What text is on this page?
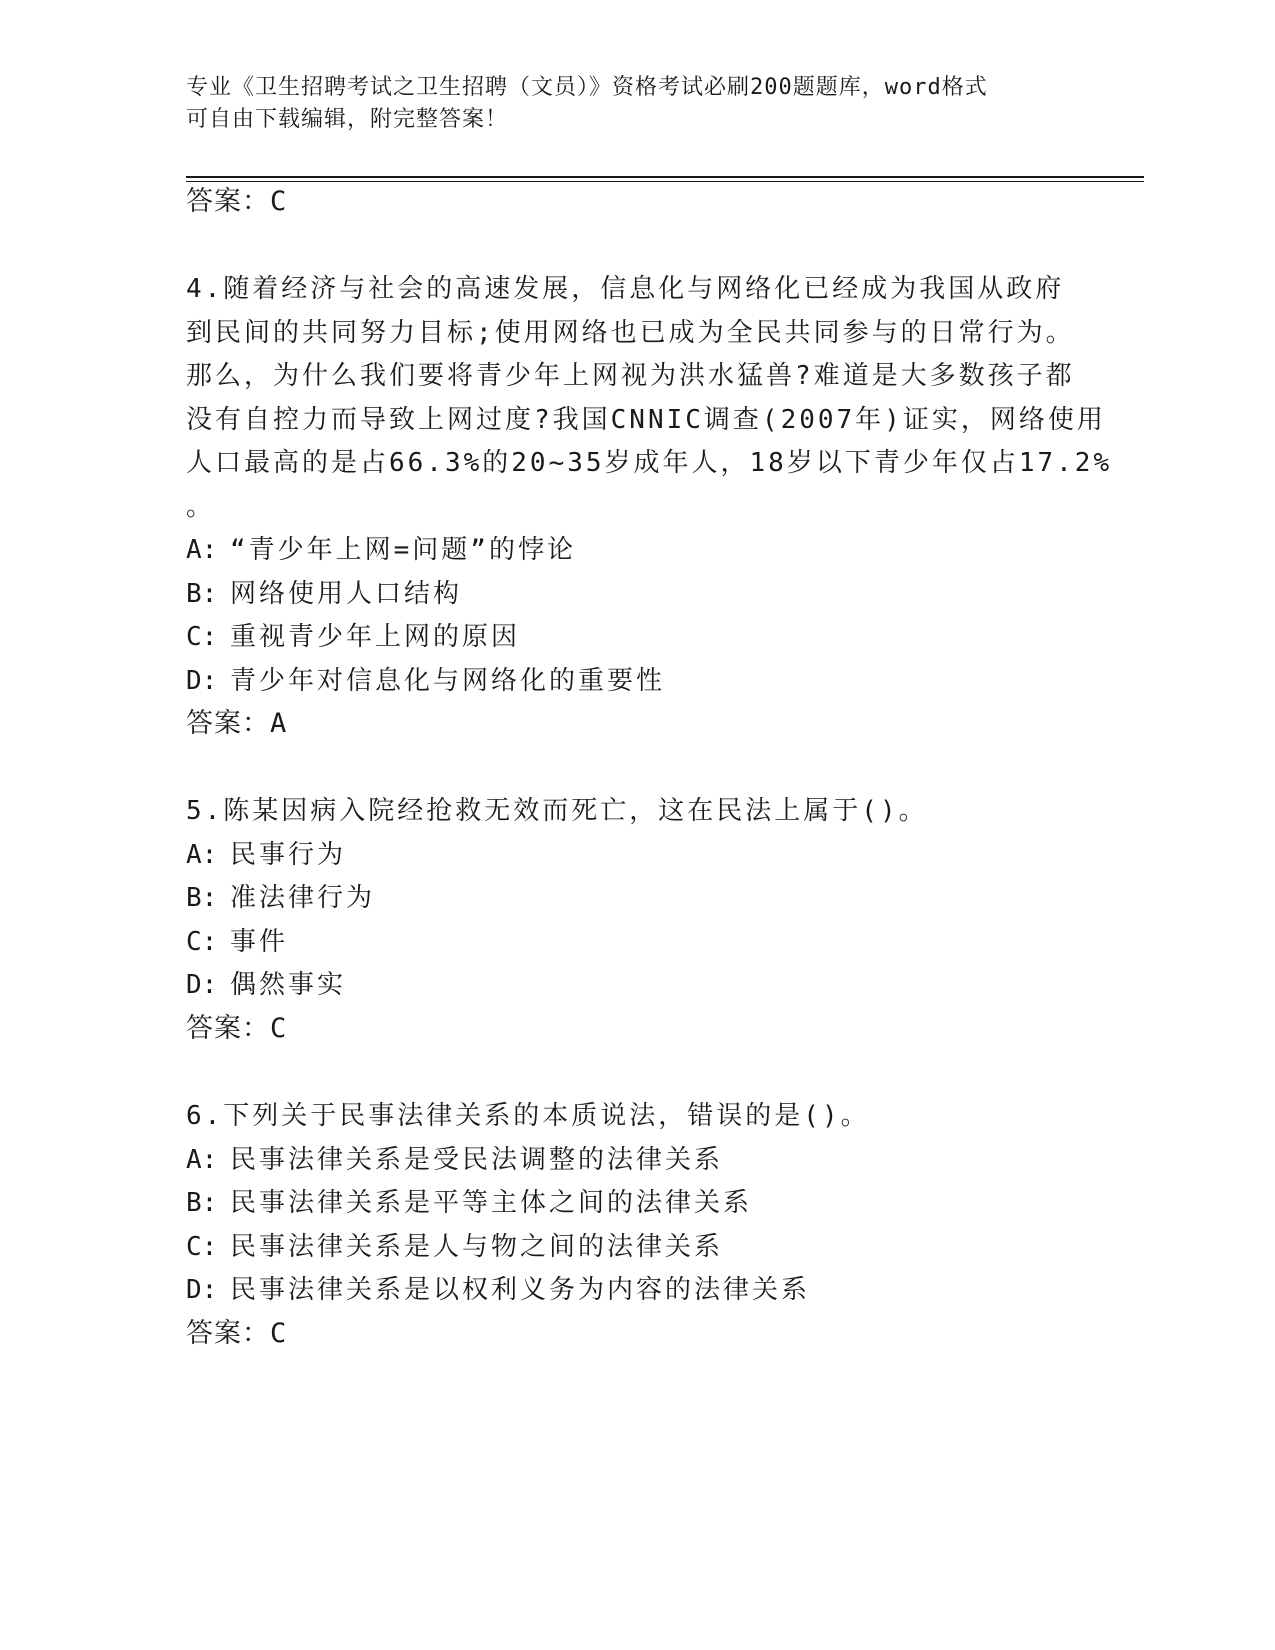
专业《卫生招聘考试之卫生招聘（文员）》资格考试必刷200题题库，word格式
可自由下载编辑，附完整答案！
答案：C
4.随着经济与社会的高速发展，信息化与网络化已经成为我国从政府
到民间的共同努力目标;使用网络也已成为全民共同参与的日常行为。
那么，为什么我们要将青少年上网视为洪水猛兽?难道是大多数孩子都
没有自控力而导致上网过度?我国CNNIC调查(2007年)证实，网络使用
人口最高的是占66.3%的20~35岁成年人，18岁以下青少年仅占17.2%
。
A: “青少年上网=问题”的悖论
B: 网络使用人口结构
C: 重视青少年上网的原因
D: 青少年对信息化与网络化的重要性
答案：A
5.陈某因病入院经抢救无效而死亡，这在民法上属于()。
A: 民事行为
B: 准法律行为
C: 事件
D: 偶然事实
答案：C
6.下列关于民事法律关系的本质说法，错误的是()。
A: 民事法律关系是受民法调整的法律关系
B: 民事法律关系是平等主体之间的法律关系
C: 民事法律关系是人与物之间的法律关系
D: 民事法律关系是以权利义务为内容的法律关系
答案：C
